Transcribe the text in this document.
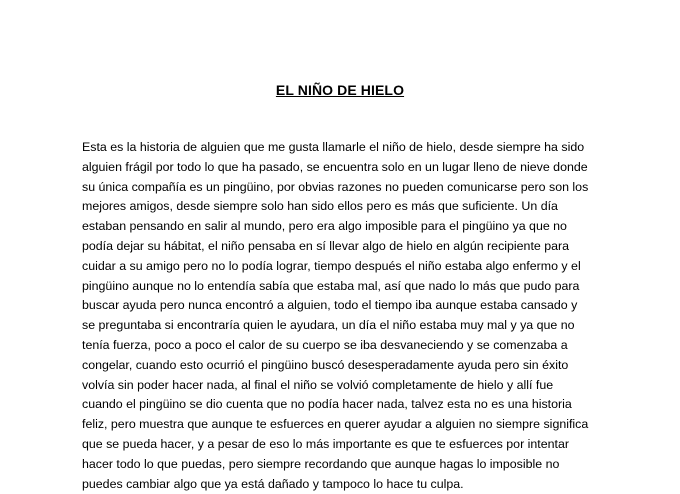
EL NIÑO DE HIELO
Esta es la historia de alguien que me gusta llamarle el niño de hielo, desde siempre ha sido
alguien frágil por todo lo que ha pasado, se encuentra solo en un lugar lleno de nieve donde
su única compañía es un pingüino, por obvias razones no pueden comunicarse pero son los
mejores amigos, desde siempre solo han sido ellos pero es más que suficiente. Un día
estaban pensando en salir al mundo, pero era algo imposible para el pingüino ya que no
podía dejar su hábitat, el niño pensaba en sí llevar algo de hielo en algún recipiente para
cuidar a su amigo pero no lo podía lograr, tiempo después el niño estaba algo enfermo y el
pingüino aunque no lo entendía sabía que estaba mal, así que nado lo más que pudo para
buscar ayuda pero nunca encontró a alguien, todo el tiempo iba aunque estaba cansado y
se preguntaba si encontraría quien le ayudara, un día el niño estaba muy mal y ya que no
tenía fuerza, poco a poco el calor de su cuerpo se iba desvaneciendo y se comenzaba a
congelar, cuando esto ocurrió el pingüino buscó desesperadamente ayuda pero sin éxito
volvía sin poder hacer nada, al final el niño se volvió completamente de hielo y allí fue
cuando el pingüino se dio cuenta que no podía hacer nada, talvez esta no es una historia
feliz, pero muestra que aunque te esfuerces en querer ayudar a alguien no siempre significa
que se pueda hacer, y a pesar de eso lo más importante es que te esfuerces por intentar
hacer todo lo que puedas, pero siempre recordando que aunque hagas lo imposible no
puedes cambiar algo que ya está dañado y tampoco lo hace tu culpa.
